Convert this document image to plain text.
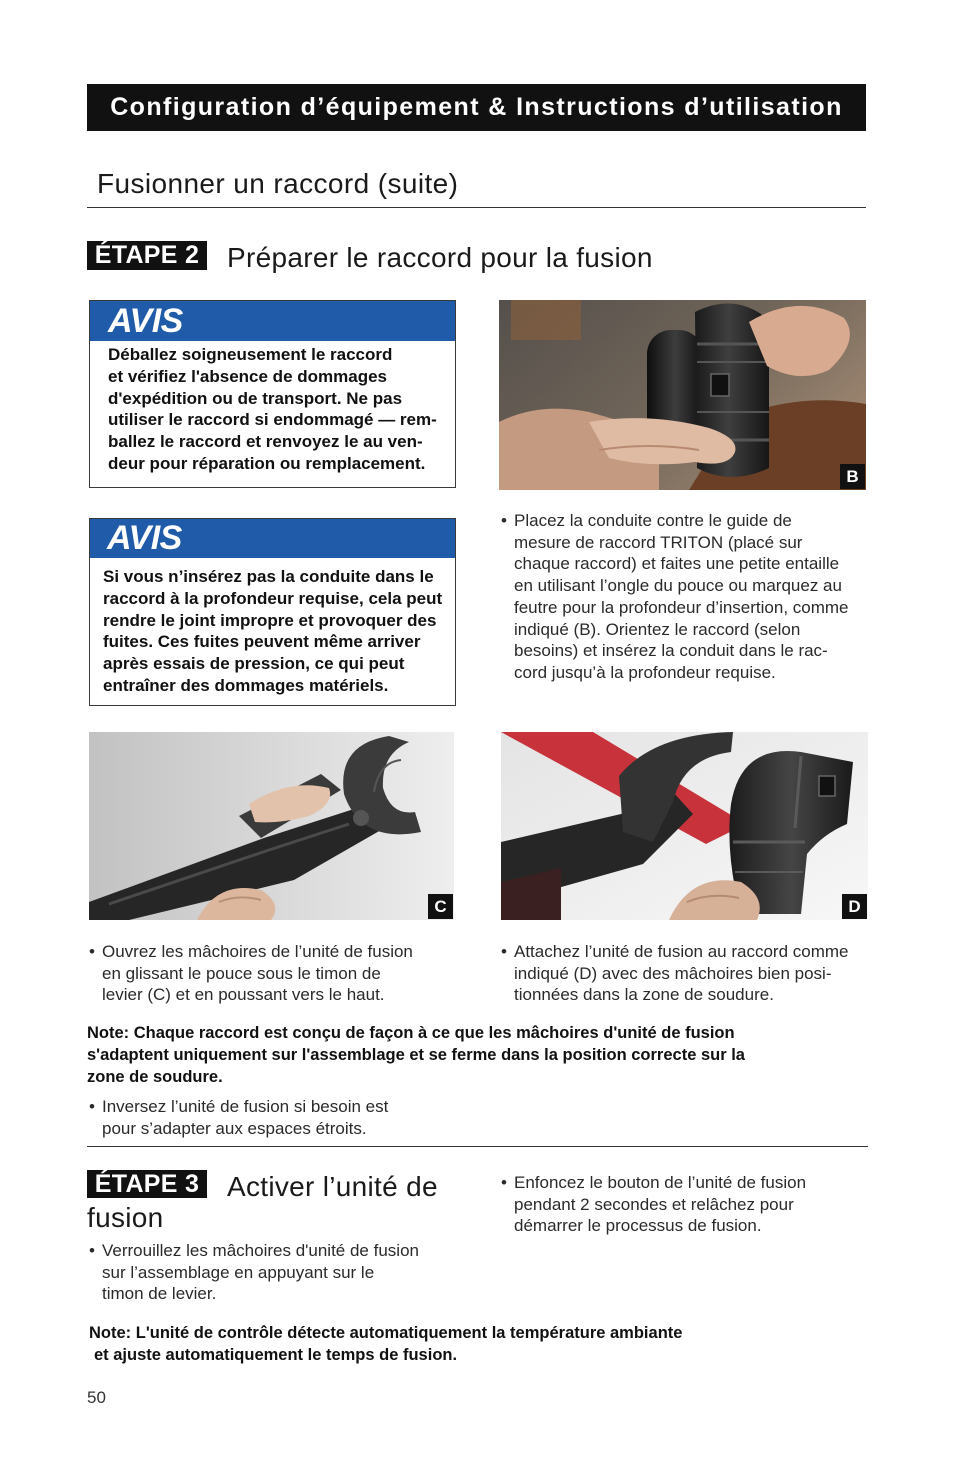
Configuration d’équipement & Instructions d’utilisation
Fusionner un raccord (suite)
ÉTAPE 2 Préparer le raccord pour la fusion
AVIS
Déballez soigneusement le raccord
et vérifiez l'absence de dommages
d'expédition ou de transport. Ne pas
utiliser le raccord si endommagé — rem-
ballez le raccord et renvoyez le au ven-
deur pour réparation ou remplacement.
B
AVIS
Si vous n’insérez pas la conduite dans le
raccord à la profondeur requise, cela peut
rendre le joint impropre et provoquer des
fuites. Ces fuites peuvent même arriver
après essais de pression, ce qui peut
entraîner des dommages matériels.
• Placez la conduite contre le guide de
mesure de raccord TRITON (placé sur
chaque raccord) et faites une petite entaille
en utilisant l’ongle du pouce ou marquez au
feutre pour la profondeur d’insertion, comme
indiqué (B). Orientez le raccord (selon
besoins) et insérez la conduit dans le rac-
cord jusqu’à la profondeur requise.
C	D
• Ouvrez les mâchoires de l’unité de fusion
en glissant le pouce sous le timon de
levier (C) et en poussant vers le haut.
• Attachez l’unité de fusion au raccord comme
indiqué (D) avec des mâchoires bien posi-
tionnées dans la zone de soudure.
Note: Chaque raccord est conçu de façon à ce que les mâchoires d'unité de fusion
s'adaptent uniquement sur l'assemblage et se ferme dans la position correcte sur la
zone de soudure.
• Inversez l’unité de fusion si besoin est
pour s’adapter aux espaces étroits.
ÉTAPE 3 Activer l’unité de
fusion
• Verrouillez les mâchoires d'unité de fusion
sur l’assemblage en appuyant sur le
timon de levier.
• Enfoncez le bouton de l’unité de fusion
pendant 2 secondes et relâchez pour
démarrer le processus de fusion.
Note: L'unité de contrôle détecte automatiquement la température ambiante
et ajuste automatiquement le temps de fusion.
50
